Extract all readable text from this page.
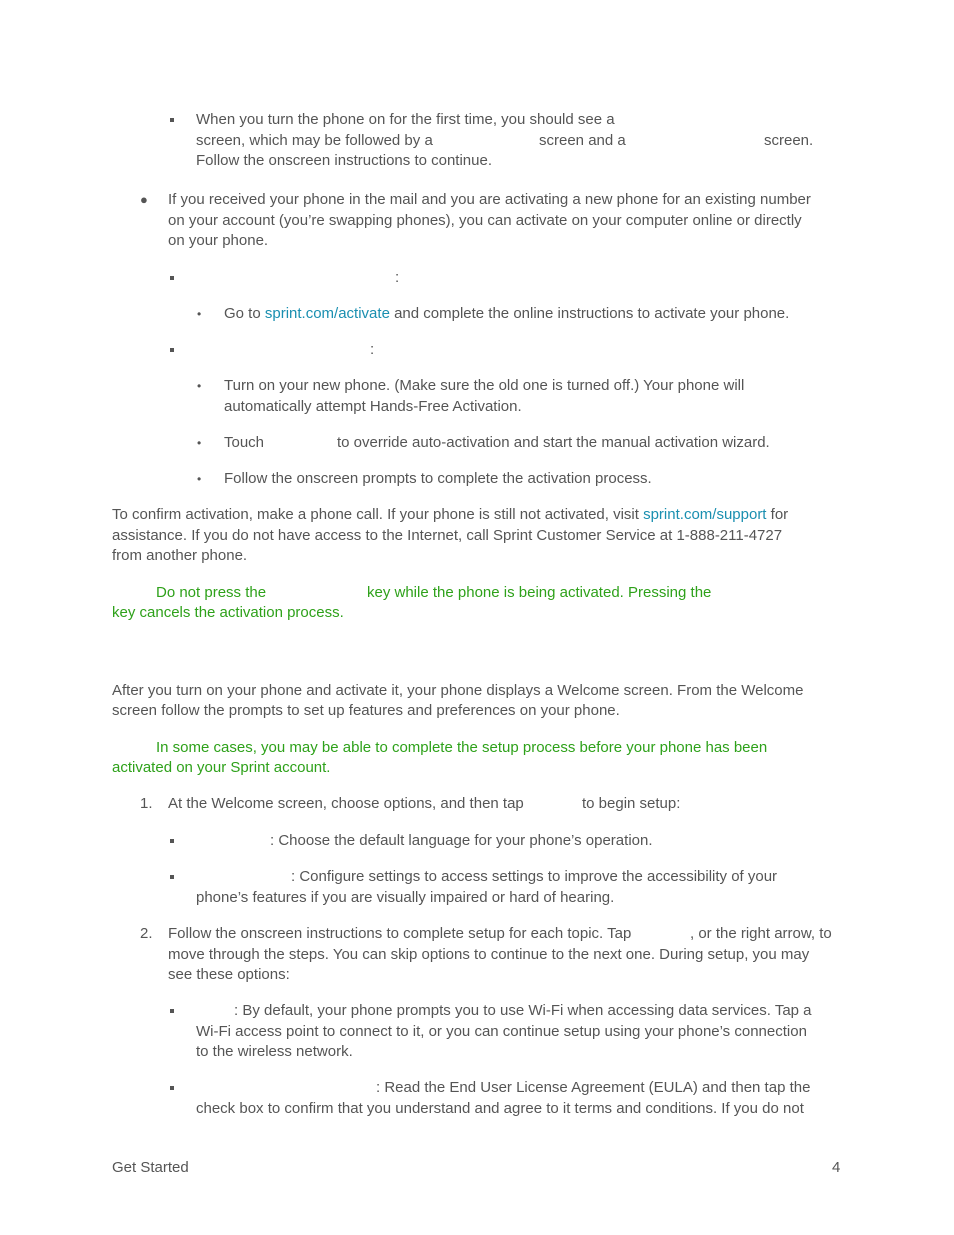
When you turn the phone on for the first time, you should see a

screen, which may be followed by a	screen and a	screen.

Follow the onscreen instructions to continue.

● If you received your phone in the mail and you are activating a new phone for an existing number

on your account (you’re swapping phones), you can activate on your computer online or directly

on your phone.

:

• Go to sprint.com/activate and complete the online instructions to activate your phone.

:

• Turn on your new phone. (Make sure the old one is turned off.) Your phone will

automatically attempt Hands-Free Activation.

• Touch	to override auto-activation and start the manual activation wizard.

• Follow the onscreen prompts to complete the activation process.

To confirm activation, make a phone call. If your phone is still not activated, visit sprint.com/support for

assistance. If you do not have access to the Internet, call Sprint Customer Service at 1-888-211-4727

from another phone.

Do not press the	key while the phone is being activated. Pressing the

key cancels the activation process.

After you turn on your phone and activate it, your phone displays a Welcome screen. From the Welcome

screen follow the prompts to set up features and preferences on your phone.

In some cases, you may be able to complete the setup process before your phone has been

activated on your Sprint account.

1. At the Welcome screen, choose options, and then tap	to begin setup:

: Choose the default language for your phone’s operation.

: Configure settings to access settings to improve the accessibility of your

phone’s features if you are visually impaired or hard of hearing.

2. Follow the onscreen instructions to complete setup for each topic. Tap	, or the right arrow, to

move through the steps. You can skip options to continue to the next one. During setup, you may

see these options:

: By default, your phone prompts you to use Wi-Fi when accessing data services. Tap a

Wi-Fi access point to connect to it, or you can continue setup using your phone’s connection

to the wireless network.

: Read the End User License Agreement (EULA) and then tap the

check box to confirm that you understand and agree to it terms and conditions. If you do not

Get Started	4
